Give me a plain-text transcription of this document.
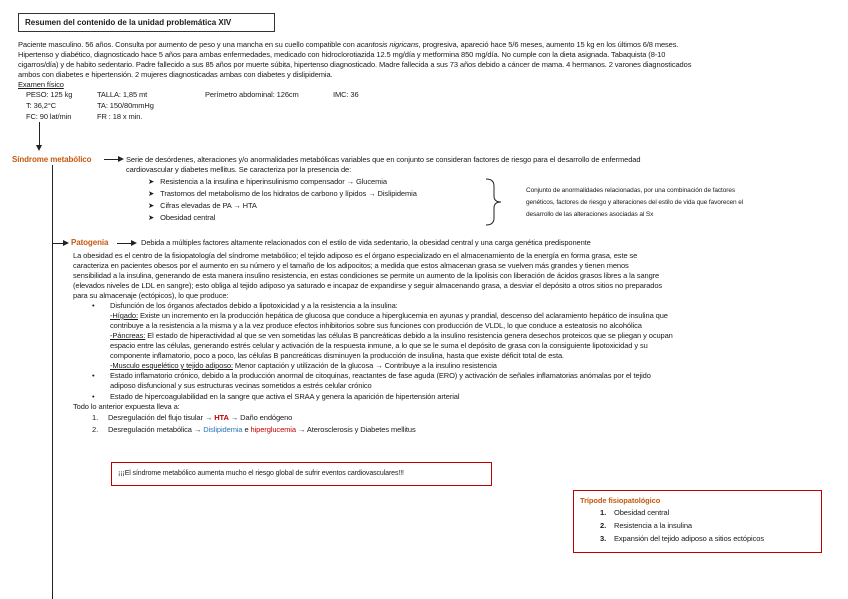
Resumen del contenido de la unidad problemática XIV
Paciente masculino. 56 años. Consulta por aumento de peso y una mancha en su cuello compatible con acantosis nigricans, progresiva, apareció hace 5/6 meses, aumento 15 kg en los últimos 6/8 meses.
Hipertenso y diabético, diagnosticado hace 5 años para ambas enfermedades, medicado con hidroclorotiazida 12.5 mg/día y metformina 850 mg/día. No cumple con la dieta asignada. Tabaquista (8-10
cigarros/día) y de habito sedentario. Padre fallecido a sus 85 años por muerte súbita, hipertenso diagnosticado. Madre fallecida a sus 73 años debido a cáncer de mama. 4 hermanos. 2 varones diagnosticados
ambos con diabetes e hipertensión. 2 mujeres diagnosticadas ambas con diabetes y dislipidemia.
Examen físico
PESO: 125 kg	TALLA: 1,85 mt	Perímetro abdominal: 126cm	IMC: 36
T: 36,2°C	TA: 150/80mmHg
FC: 90 lat/min	FR : 18 x min.
Síndrome metabólico	Serie de desórdenes, alteraciones y/o anormalidades metabólicas variables que en conjunto se consideran factores de riesgo para el desarrollo de enfermedad
cardiovascular y diabetes mellitus. Se caracteriza por la presencia de:
➤ Resistencia a la insulina e hiperinsulinismo compensador → Glucemia
➤ Trastornos del metabolismo de los hidratos de carbono y lípidos → Dislipidemia
➤ Cifras elevadas de PA → HTA
➤ Obesidad central
Conjunto de anormalidades relacionadas, por una combinación de factores
genéticos, factores de riesgo y alteraciones del estilo de vida que favorecen el
desarrollo de las alteraciones asociadas al Sx
Patogenia	Debida a múltiples factores altamente relacionados con el estilo de vida sedentario, la obesidad central y una carga genética predisponente
La obesidad es el centro de la fisiopatología del síndrome metabólico; el tejido adiposo es el órgano especializado en el almacenamiento de la energía en forma grasa, este se
caracteriza en pacientes obesos por el aumento en su número y el tamaño de los adipocitos; a medida que estos almacenan grasa se vuelven más grandes y tienen menos
sensibilidad a la insulina, generando de esta manera insulino resistencia, en estas condiciones se permite un aumento de la lipolisis con liberación de ácidos grasos libres a la sangre
(elevados niveles de LDL en sangre); esto obliga al tejido adiposo ya saturado e incapaz de expandirse y seguir almacenando grasa, a desviar el depósito a otros sitios no preparados
para su almacenaje (ectópicos), lo que produce:
• Disfunción de los órganos afectados debido a lipotoxicidad y a la resistencia a la insulina:
-Hígado: Existe un incremento en la producción hepática de glucosa que conduce a hiperglucemia en ayunas y prandial, descenso del aclaramiento hepático de insulina que
contribuye a la resistencia a la misma y a la vez produce efectos inhibitorios sobre sus funciones con producción de VLDL, lo que conduce a esteatosis no alcohólica
-Páncreas: El estado de hiperactividad al que se ven sometidas las células B pancreáticas debido a la insulino resistencia genera desechos proteicos que se pliegan y ocupan
espacio entre las células, generando estrés celular y activación de la respuesta inmune, a lo que se le suma el depósito de grasa con la consiguiente lipotoxicidad y su
componente inflamatorio, poco a poco, las células B pancreáticas disminuyen la producción de insulina, hasta que existe déficit total de esta.
-Musculo esquelético y tejido adiposo: Menor captación y utilización de la glucosa → Contribuye a la insulino resistencia
• Estado inflamatorio crónico, debido a la producción anormal de citoquinas, reactantes de fase aguda (ERO) y activación de señales inflamatorias anómalas por el tejido
adiposo disfuncional y sus estructuras vecinas sometidos a estrés celular crónico
• Estado de hipercoagulabilidad en la sangre que activa el SRAA y genera la aparición de hipertensión arterial
Todo lo anterior expuesta lleva a:
1.     Desregulación del flujo tisular → HTA → Daño endógeno
2.     Desregulación metabólica → Dislipidemia e hiperglucemia → Aterosclerosis y Diabetes mellitus
¡¡¡El síndrome metabólico aumenta mucho el riesgo global de sufrir eventos cardiovasculares!!!
Trípode fisiopatológico
1. Obesidad central
2. Resistencia a la insulina
3. Expansión del tejido adiposo a sitios ectópicos
